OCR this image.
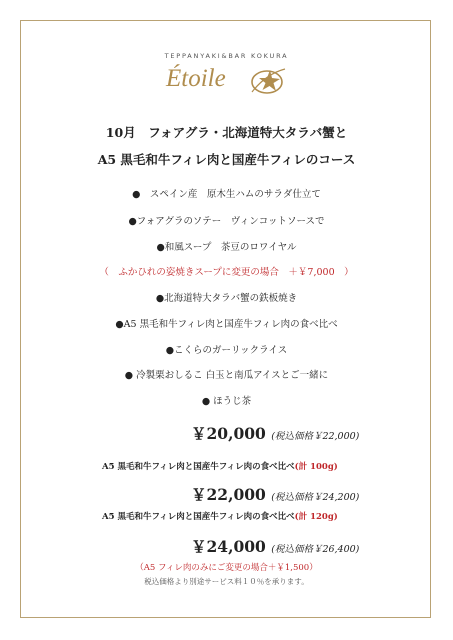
TEPPANYAKI&BAR KOKURA
Étoile
10月　フォアグラ・北海道特大タラバ蟹と
A5 黒毛和牛フィレ肉と国産牛フィレのコース
●　スペイン産　原木生ハムのサラダ仕立て
●フォアグラのソテー　ヴィンコットソースで
●和風スープ　茶豆のロワイヤル
（　ふかひれの姿焼きスープに変更の場合　＋￥7,000　）
●北海道特大タラバ蟹の鉄板焼き
●A5 黒毛和牛フィレ肉と国産牛フィレ肉の食べ比べ
●こくらのガーリックライス
● 冷製栗おしるこ 白玉と南瓜アイスとご一緒に
● ほうじ茶
￥20,000 (税込価格￥22,000)
A5 黒毛和牛フィレ肉と国産牛フィレ肉の食べ比べ(計 100g)
￥22,000 (税込価格￥24,200)
A5 黒毛和牛フィレ肉と国産牛フィレ肉の食べ比べ(計 120g)
￥24,000 (税込価格￥26,400)
（A5 フィレ肉のみにご変更の場合＋￥1,500）
税込価格より別途サービス料１０％を承ります。
